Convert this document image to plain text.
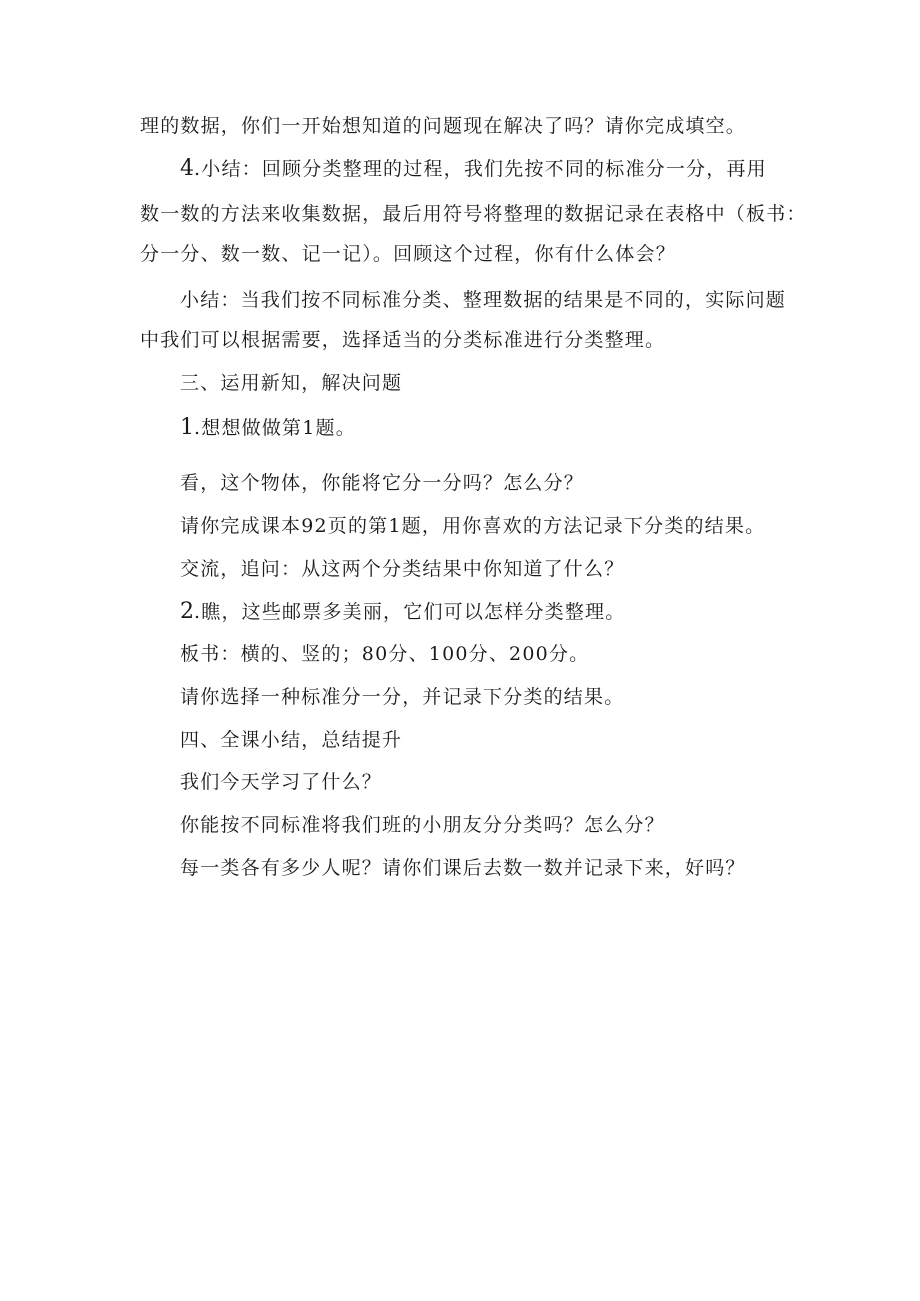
理的数据，你们一开始想知道的问题现在解决了吗？请你完成填空。
4.小结：回顾分类整理的过程，我们先按不同的标准分一分，再用
数一数的方法来收集数据，最后用符号将整理的数据记录在表格中（板书：
分一分、数一数、记一记）。回顾这个过程，你有什么体会？
小结：当我们按不同标准分类、整理数据的结果是不同的，实际问题
中我们可以根据需要，选择适当的分类标准进行分类整理。
三、运用新知，解决问题
1.想想做做第1题。
看，这个物体，你能将它分一分吗？怎么分？
请你完成课本92页的第1题，用你喜欢的方法记录下分类的结果。
交流，追问：从这两个分类结果中你知道了什么？
2.瞧，这些邮票多美丽，它们可以怎样分类整理。
板书：横的、竖的；80分、100分、200分。
请你选择一种标准分一分，并记录下分类的结果。
四、全课小结，总结提升
我们今天学习了什么？
你能按不同标准将我们班的小朋友分分类吗？怎么分？
每一类各有多少人呢？请你们课后去数一数并记录下来，好吗？
